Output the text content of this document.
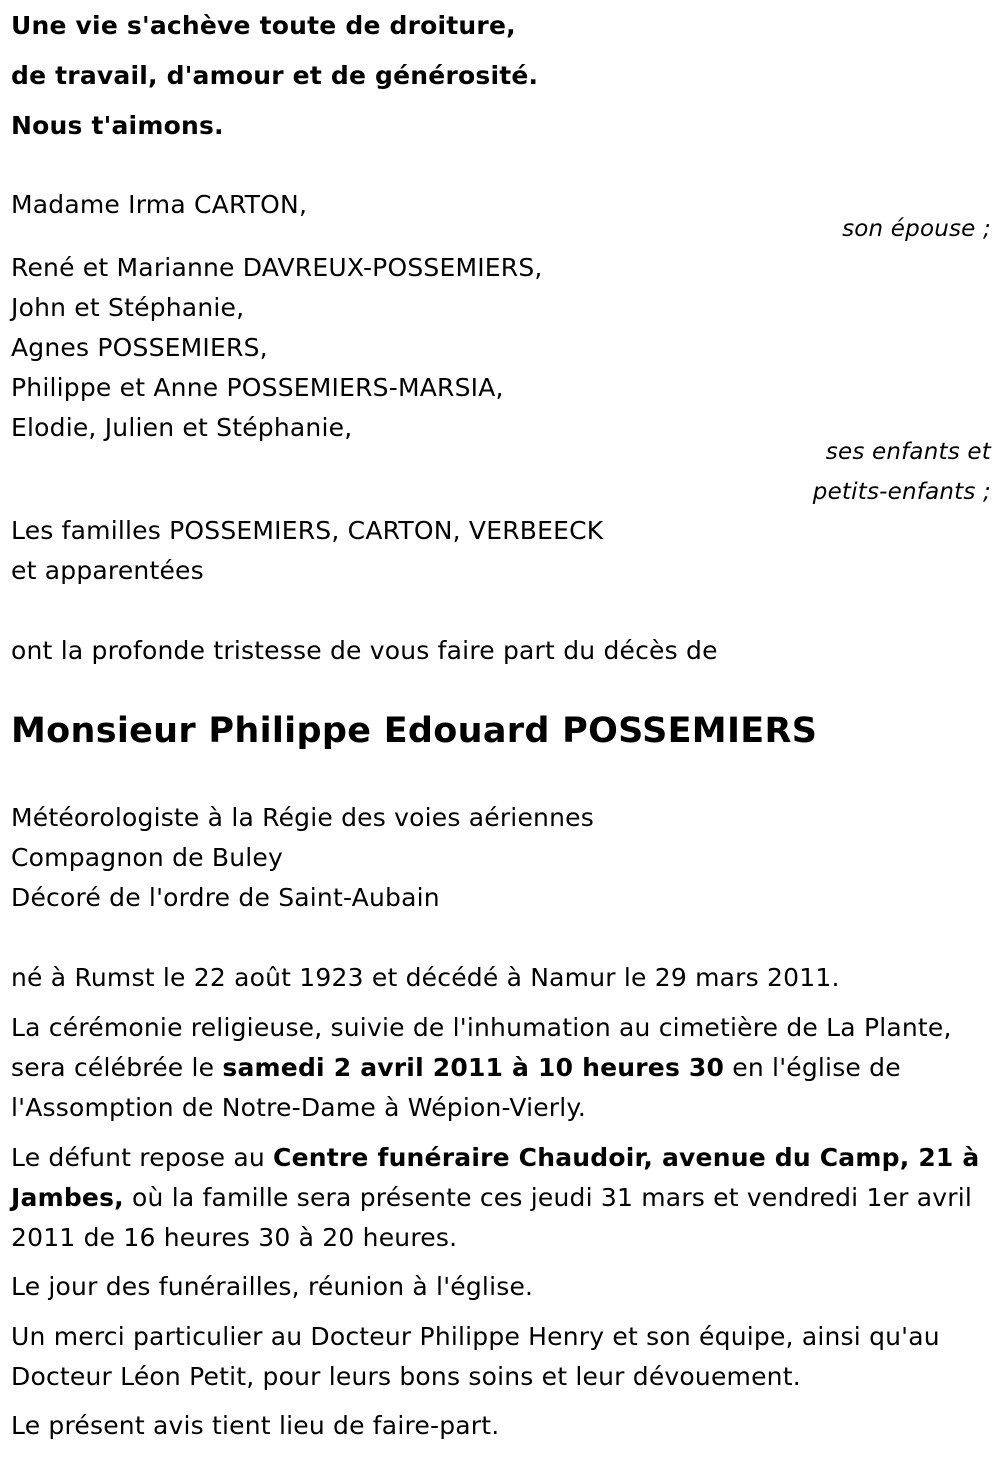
Une vie s'achève toute de droiture,
de travail, d'amour et de générosité.
Nous t'aimons.
Madame Irma CARTON,
son épouse ;
René et Marianne DAVREUX-POSSEMIERS,
John et Stéphanie,
Agnes POSSEMIERS,
Philippe et Anne POSSEMIERS-MARSIA,
Elodie, Julien et Stéphanie,
ses enfants et
petits-enfants ;
Les familles POSSEMIERS, CARTON, VERBEECK
et apparentées
ont la profonde tristesse de vous faire part du décès de
Monsieur Philippe Edouard POSSEMIERS
Météorologiste à la Régie des voies aériennes
Compagnon de Buley
Décoré de l'ordre de Saint-Aubain
né à Rumst le 22 août 1923 et décédé à Namur le 29 mars 2011.
La cérémonie religieuse, suivie de l'inhumation au cimetière de La Plante,
sera célébrée le samedi 2 avril 2011 à 10 heures 30 en l'église de
l'Assomption de Notre-Dame à Wépion-Vierly.
Le défunt repose au Centre funéraire Chaudoir, avenue du Camp, 21 à Jambes, où la famille sera présente ces jeudi 31 mars et vendredi 1er avril 2011 de 16 heures 30 à 20 heures.
Le jour des funérailles, réunion à l'église.
Un merci particulier au Docteur Philippe Henry et son équipe, ainsi qu'au Docteur Léon Petit, pour leurs bons soins et leur dévouement.
Le présent avis tient lieu de faire-part.
